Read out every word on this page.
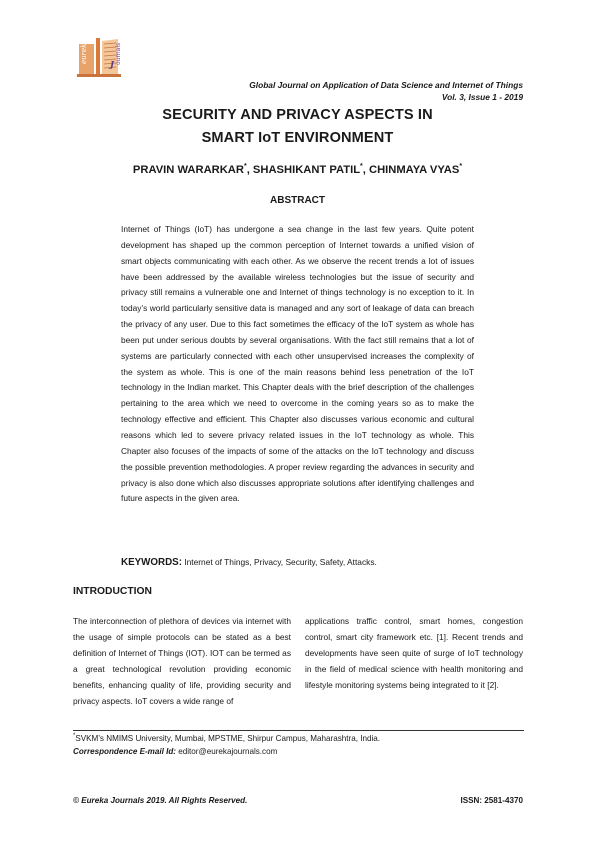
eureka
J ournals
Global Journal on Application of Data Science and Internet of Things
Vol. 3, Issue 1 - 2019
SECURITY AND PRIVACY ASPECTS IN
SMART IoT ENVIRONMENT
PRAVIN WARARKAR*, SHASHIKANT PATIL*, CHINMAYA VYAS*
ABSTRACT

Internet of Things (IoT) has undergone a sea change in the last few years. Quite potent development has shaped up the common perception of Internet towards a unified vision of smart objects communicating with each other. As we observe the recent trends a lot of issues have been addressed by the available wireless technologies but the issue of security and privacy still remains a vulnerable one and Internet of things technology is no exception to it. In today’s world particularly sensitive data is managed and any sort of leakage of data can breach the privacy of any user. Due to this fact sometimes the efficacy of the IoT system as whole has been put under serious doubts by several organisations. With the fact still remains that a lot of systems are particularly connected with each other unsupervised increases the complexity of the system as whole. This is one of the main reasons behind less penetration of the IoT technology in the Indian market. This Chapter deals with the brief description of the challenges pertaining to the area which we need to overcome in the coming years so as to make the technology effective and efficient. This Chapter also discusses various economic and cultural reasons which led to severe privacy related issues in the IoT technology as whole. This Chapter also focuses of the impacts of some of the attacks on the IoT technology and discuss the possible prevention methodologies. A proper review regarding the advances in security and privacy is also done which also discusses appropriate solutions after identifying challenges and future aspects in the given area.

KEYWORDS: Internet of Things, Privacy, Security, Safety, Attacks.
INTRODUCTION

The interconnection of plethora of devices via internet with the usage of simple protocols can be stated as a best definition of Internet of Things (IOT). IOT can be termed as a great technological revolution providing economic benefits, enhancing quality of life, providing security and privacy aspects. IoT covers a wide range of

applications traffic control, smart homes, congestion control, smart city framework etc. [1]. Recent trends and developments have seen quite of surge of IoT technology in the field of medical science with health monitoring and lifestyle monitoring systems being integrated to it [2].

*SVKM’s NMIMS University, Mumbai, MPSTME, Shirpur Campus, Maharashtra, India.
Correspondence E-mail Id: editor@eurekajournals.com
© Eureka Journals 2019. All Rights Reserved.	ISSN: 2581-4370
